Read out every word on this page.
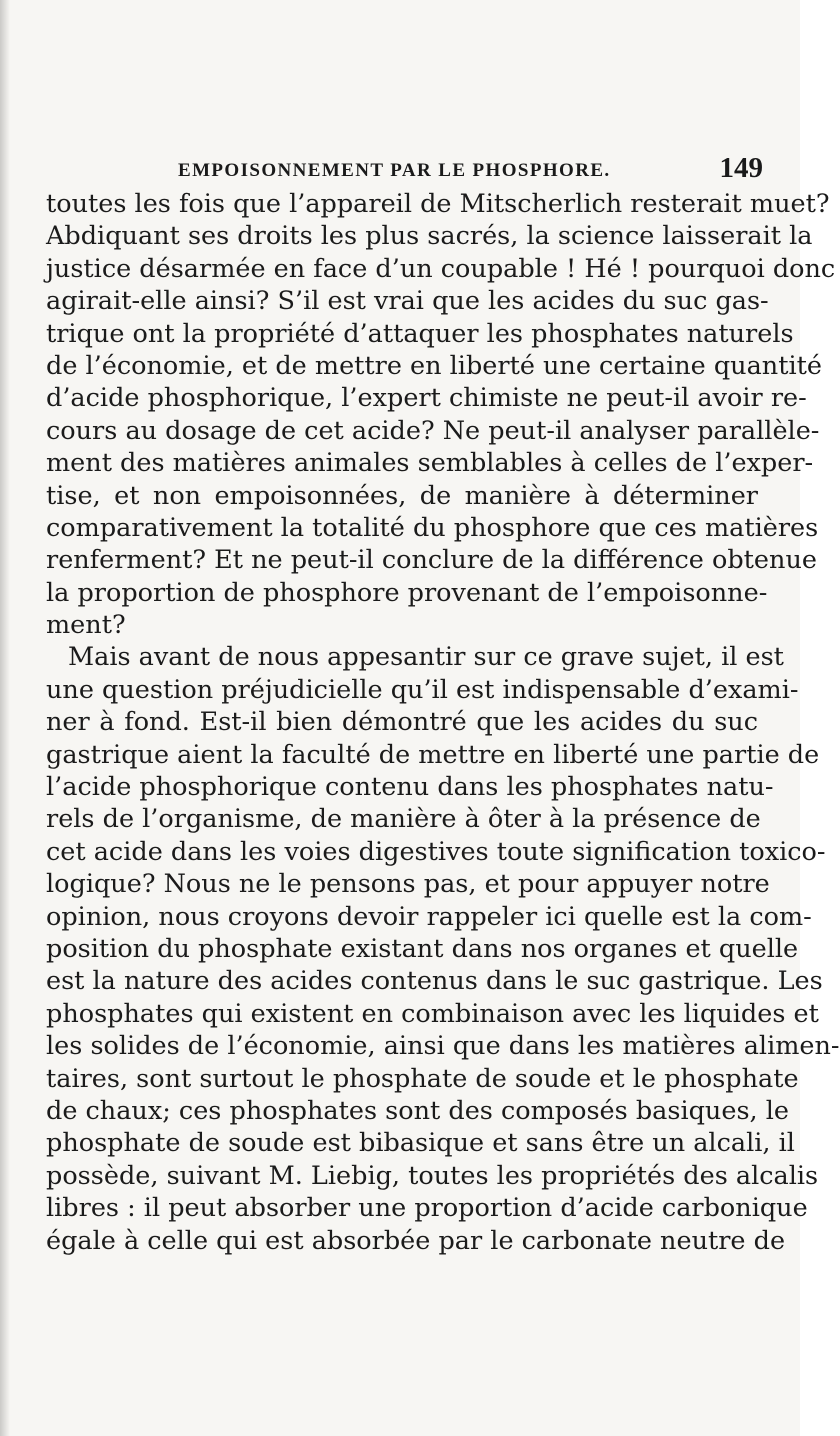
EMPOISONNEMENT PAR LE PHOSPHORE.	149
toutes les fois que l’appareil de Mitscherlich resterait muet?
Abdiquant ses droits les plus sacrés, la science laisserait la
justice désarmée en face d’un coupable ! Hé ! pourquoi donc
agirait-elle ainsi? S’il est vrai que les acides du suc gas-
trique ont la propriété d’attaquer les phosphates naturels
de l’économie, et de mettre en liberté une certaine quantité
d’acide phosphorique, l’expert chimiste ne peut-il avoir re-
cours au dosage de cet acide? Ne peut-il analyser parallèle-
ment des matières animales semblables à celles de l’exper-
tise, et non empoisonnées, de manière à déterminer
comparativement la totalité du phosphore que ces matières
renferment? Et ne peut-il conclure de la différence obtenue
la proportion de phosphore provenant de l’empoisonne-
ment?
Mais avant de nous appesantir sur ce grave sujet, il est
une question préjudicielle qu’il est indispensable d’exami-
ner à fond. Est-il bien démontré que les acides du suc
gastrique aient la faculté de mettre en liberté une partie de
l’acide phosphorique contenu dans les phosphates natu-
rels de l’organisme, de manière à ôter à la présence de
cet acide dans les voies digestives toute signification toxico-
logique? Nous ne le pensons pas, et pour appuyer notre
opinion, nous croyons devoir rappeler ici quelle est la com-
position du phosphate existant dans nos organes et quelle
est la nature des acides contenus dans le suc gastrique. Les
phosphates qui existent en combinaison avec les liquides et
les solides de l’économie, ainsi que dans les matières alimen-
taires, sont surtout le phosphate de soude et le phosphate
de chaux; ces phosphates sont des composés basiques, le
phosphate de soude est bibasique et sans être un alcali, il
possède, suivant M. Liebig, toutes les propriétés des alcalis
libres : il peut absorber une proportion d’acide carbonique
égale à celle qui est absorbée par le carbonate neutre de
